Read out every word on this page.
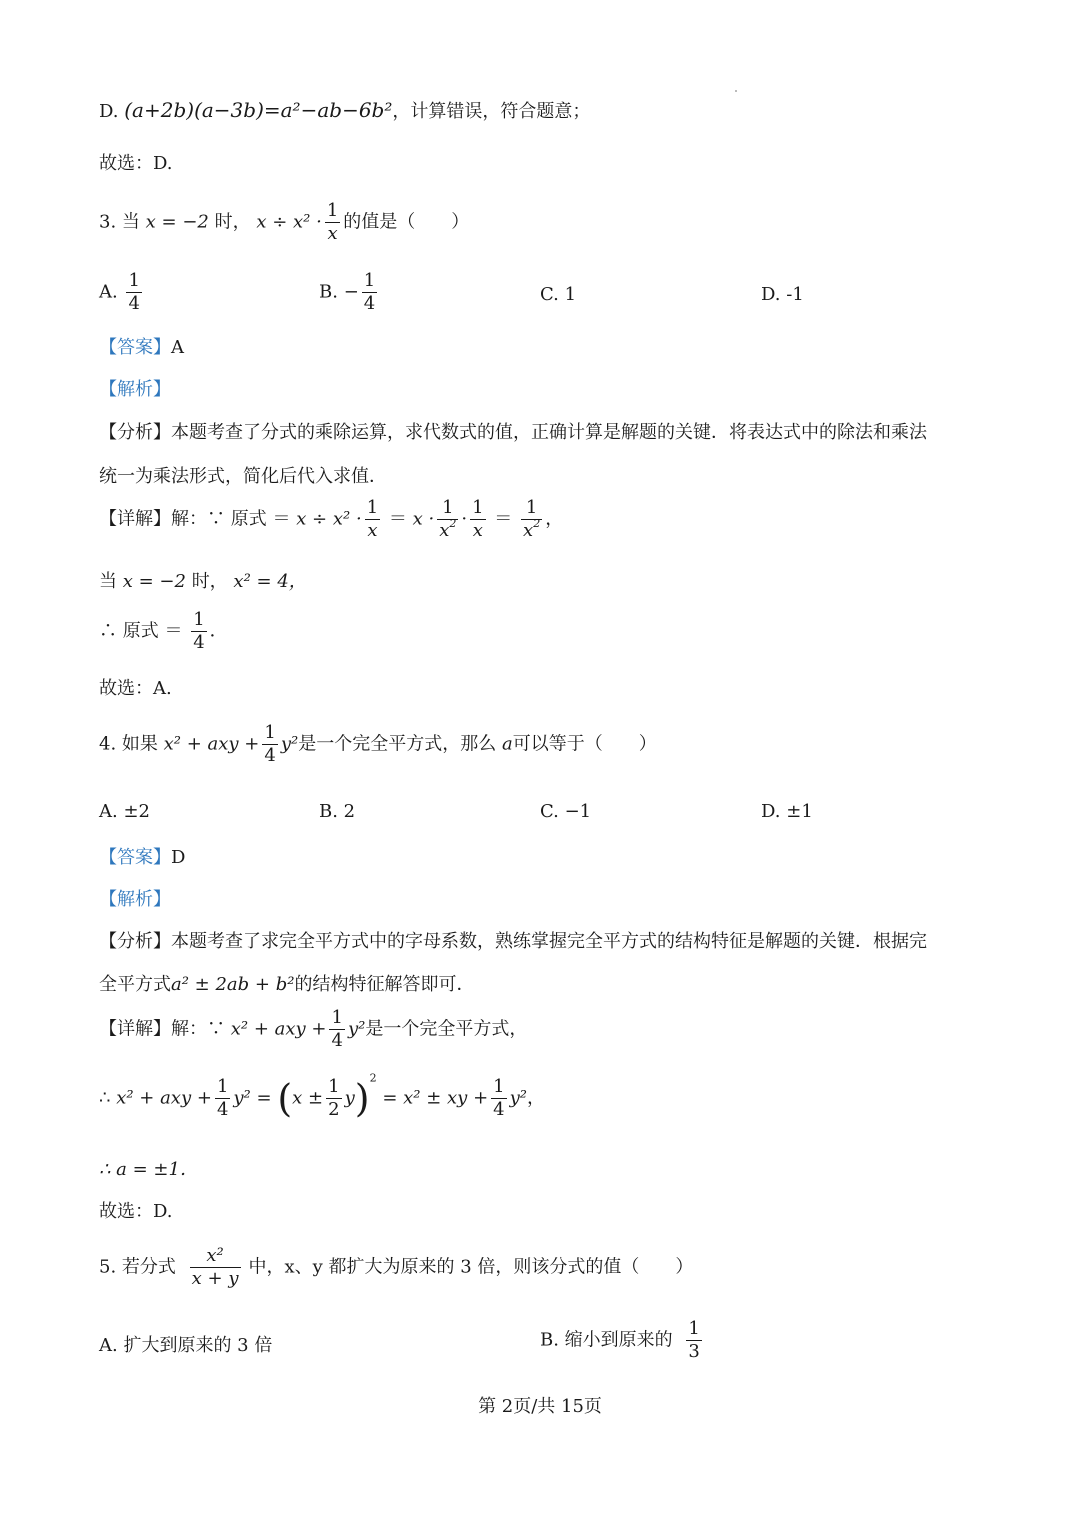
D. (a+2b)(a−3b)=a²−ab−6b²，计算错误，符合题意；
故选：D.
3. 当 x = −2 时， $x \div x^2 \cdot \frac{1}{x}$ 的值是（　　）
A. $\frac{1}{4}$	B. − $\frac{1}{4}$	C. 1	D. -1
【答案】A
【解析】
【分析】本题考查了分式的乘除运算，求代数式的值，正确计算是解题的关键．将表达式中的除法和乘法
统一为乘法形式，简化后代入求值．
【详解】解：∵ 原式 ＝ $x \div x^2 \cdot \frac{1}{x} = x \cdot \frac{1}{x^2} \cdot \frac{1}{x} = \frac{1}{x^2}$ ，
当 x = −2 时， x² = 4，
∴ 原式 ＝ $\frac{1}{4}$ ．
故选：A.
4. 如果 x² + axy + $\frac{1}{4} y^2$是一个完全平方式，那么 a可以等于（　　）
A. ±2	B. 2	C. −1	D. ±1
【答案】D
【解析】
【分析】本题考查了求完全平方式中的字母系数，熟练掌握完全平方式的结构特征是解题的关键．根据完
全平方式a² ± 2ab + b²的结构特征解答即可．
【详解】解：∵ x² + axy + $\frac{1}{4} y^2$是一个完全平方式，
∴ x² + axy + $\frac{1}{4} y^2 = (x \pm \frac{1}{2} y)^2 = x^2$ ± xy + $\frac{1}{4} y^2$，
∴ a = ±1．
故选：D.
5. 若分式 $\frac{\text{x²}}{x + y}$ 中，x、y 都扩大为原来的 3 倍，则该分式的值（　　）
A. 扩大到原来的 3 倍	B. 缩小到原来的 $\frac{1}{3}$
第 2页/共 15页
